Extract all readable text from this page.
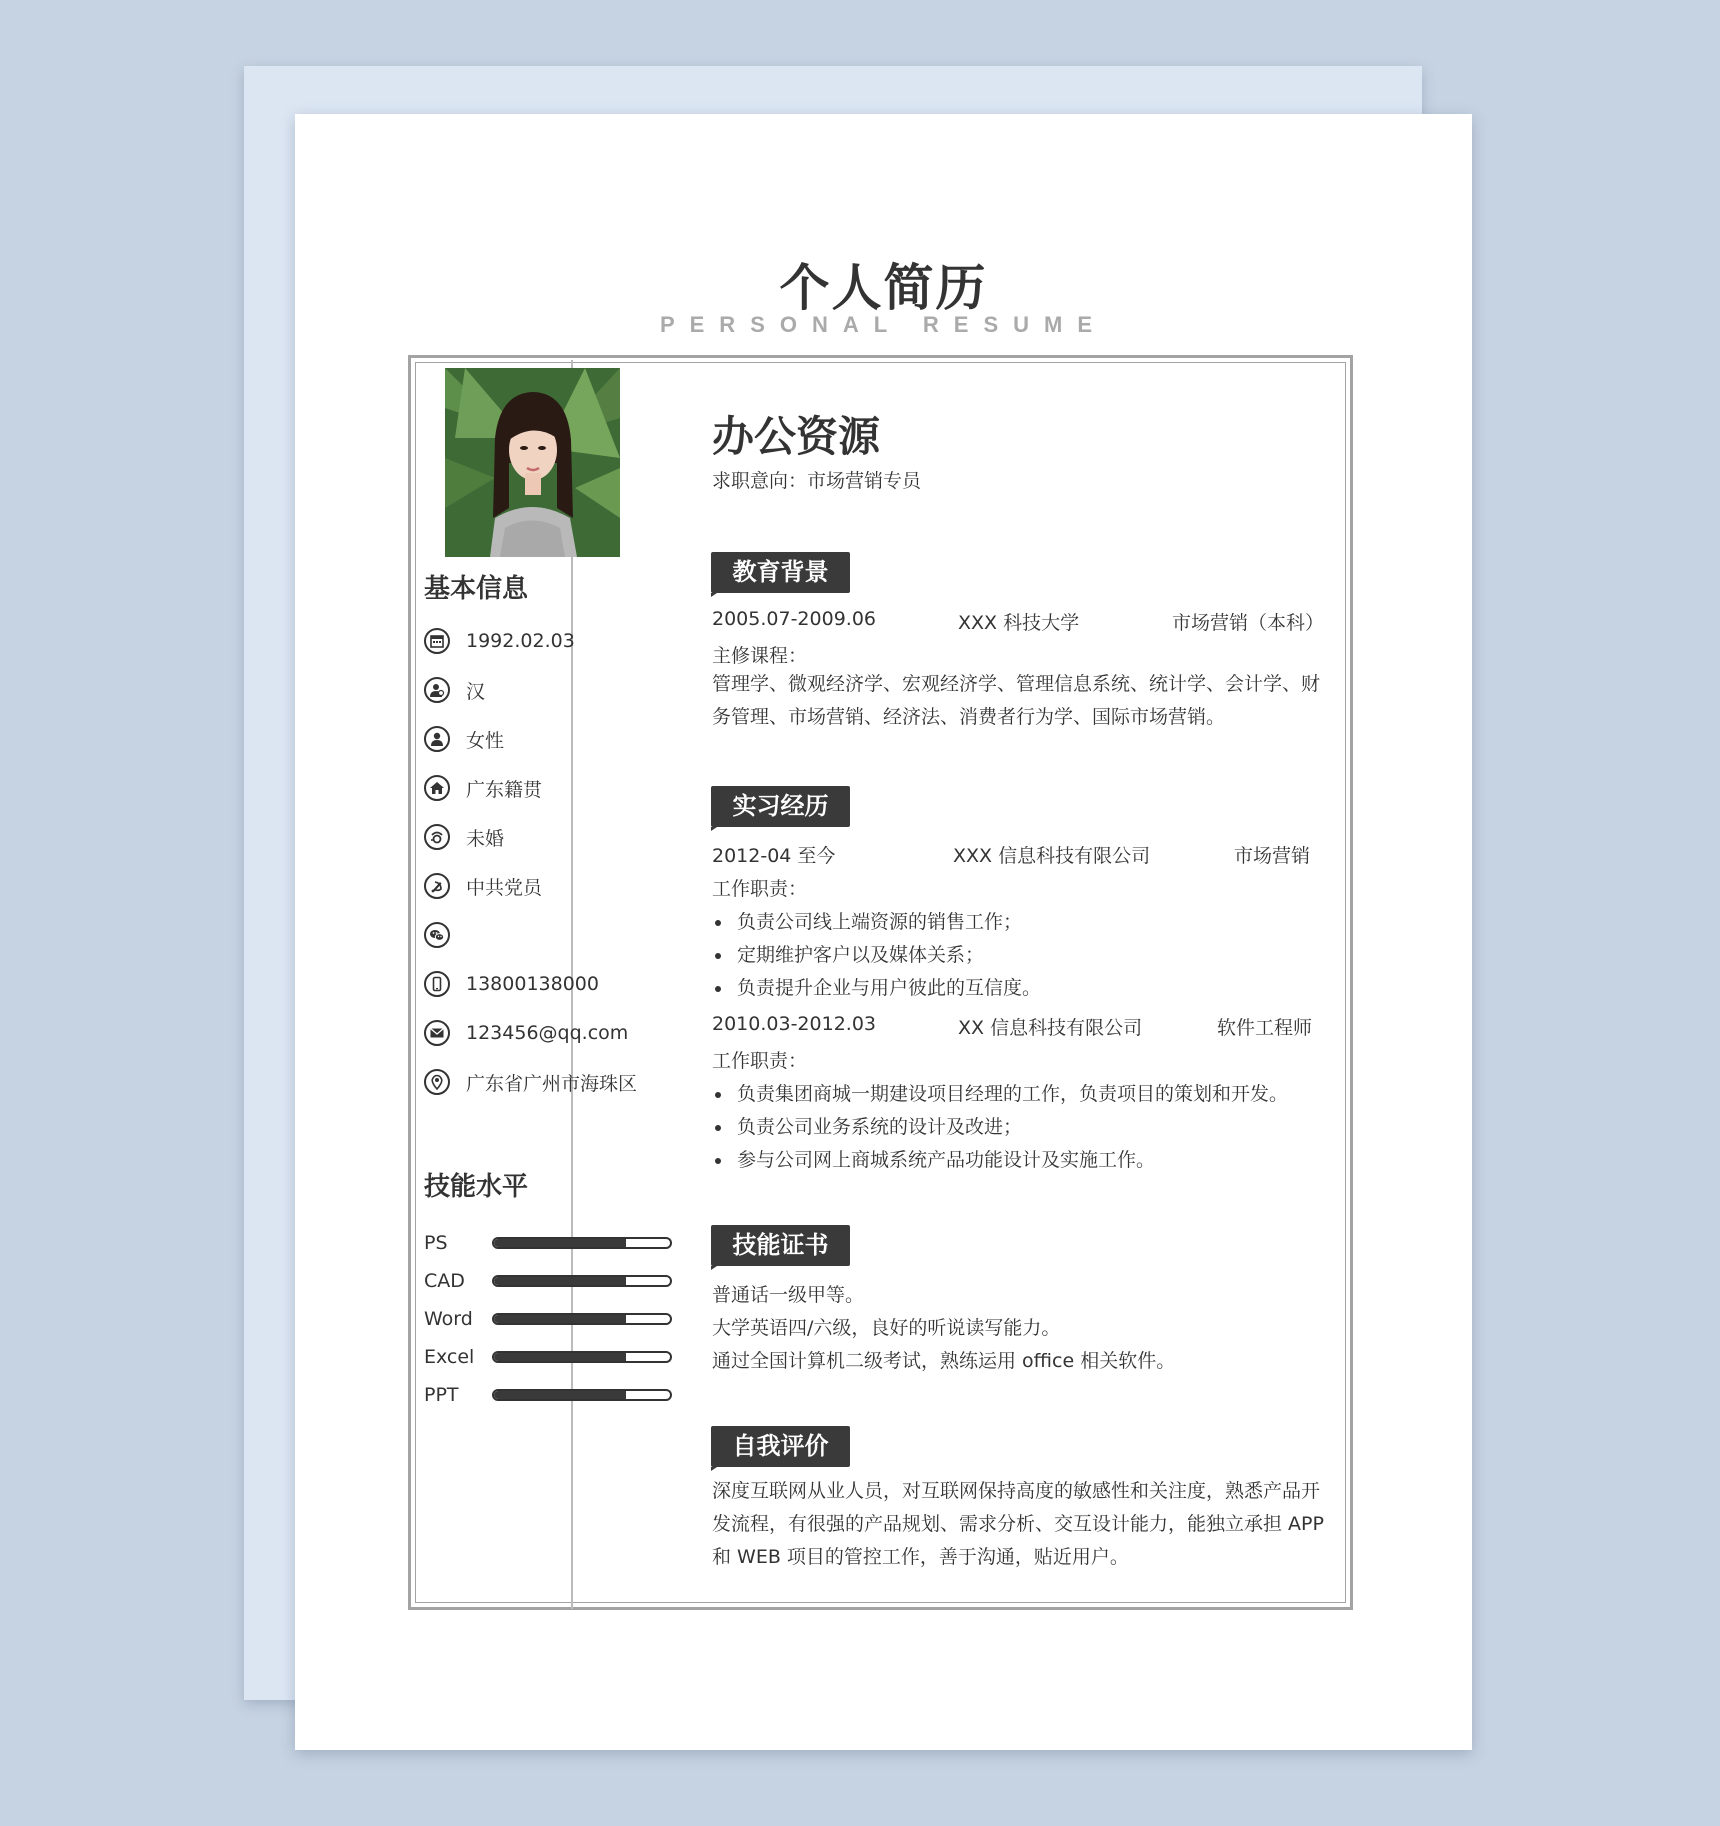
个人简历
PERSONAL RESUME
基本信息
1992.02.03
汉
女性
广东籍贯
未婚
中共党员
13800138000
123456@qq.com
广东省广州市海珠区
技能水平
办公资源
求职意向：市场营销专员
教育背景
2005.07-2009.06	XXX 科技大学	市场营销（本科）
主修课程：
管理学、微观经济学、宏观经济学、管理信息系统、统计学、会计学、财务管理、市场营销、经济法、消费者行为学、国际市场营销。
实习经历
2012-04 至今	XXX 信息科技有限公司	市场营销
工作职责：
负责公司线上端资源的销售工作；
定期维护客户以及媒体关系；
负责提升企业与用户彼此的互信度。
2010.03-2012.03	XX 信息科技有限公司	软件工程师
工作职责：
负责集团商城一期建设项目经理的工作，负责项目的策划和开发。
负责公司业务系统的设计及改进；
参与公司网上商城系统产品功能设计及实施工作。
技能证书
普通话一级甲等。
大学英语四/六级，良好的听说读写能力。
通过全国计算机二级考试，熟练运用 office 相关软件。
自我评价
深度互联网从业人员，对互联网保持高度的敏感性和关注度，熟悉产品开发流程，有很强的产品规划、需求分析、交互设计能力，能独立承担 APP 和 WEB 项目的管控工作，善于沟通，贴近用户。
PS
CAD
Word
Excel
PPT
